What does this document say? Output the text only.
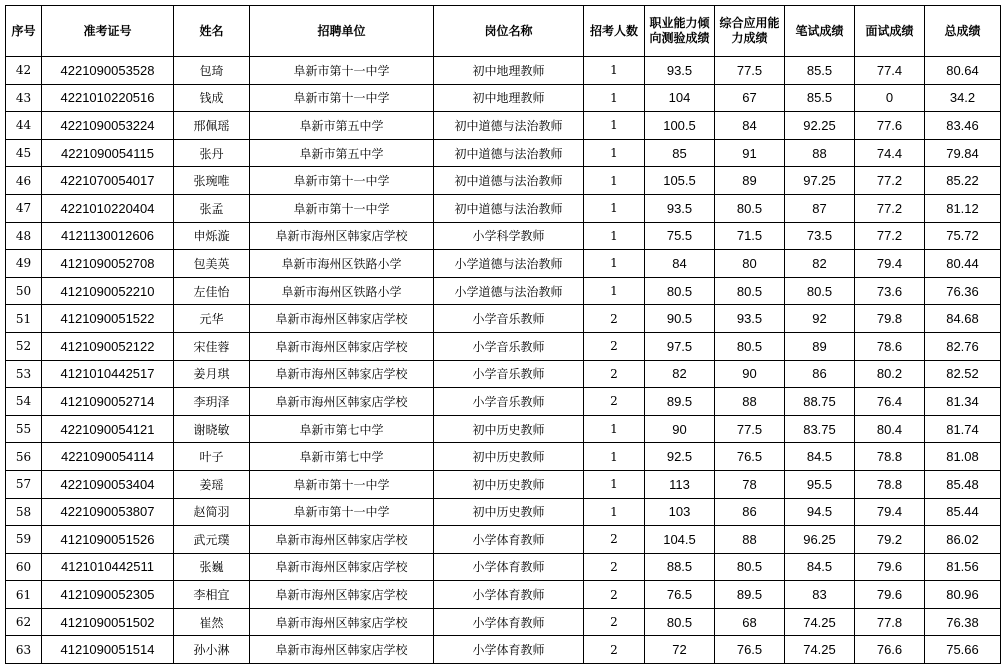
序号	准考证号	姓名	招聘单位	岗位名称	招考人数	职业能力倾向测验成绩	综合应用能力成绩	笔试成绩	面试成绩	总成绩
42	4221090053528	包琦	阜新市第十一中学	初中地理教师	1	93.5	77.5	85.5	77.4	80.64
43	4221010220516	钱成	阜新市第十一中学	初中地理教师	1	104	67	85.5	0	34.2
44	4221090053224	邢佩瑶	阜新市第五中学	初中道德与法治教师	1	100.5	84	92.25	77.6	83.46
45	4221090054115	张丹	阜新市第五中学	初中道德与法治教师	1	85	91	88	74.4	79.84
46	4221070054017	张琬唯	阜新市第十一中学	初中道德与法治教师	1	105.5	89	97.25	77.2	85.22
47	4221010220404	张孟	阜新市第十一中学	初中道德与法治教师	1	93.5	80.5	87	77.2	81.12
48	4121130012606	申烁漩	阜新市海州区韩家店学校	小学科学教师	1	75.5	71.5	73.5	77.2	75.72
49	4121090052708	包美英	阜新市海州区铁路小学	小学道德与法治教师	1	84	80	82	79.4	80.44
50	4121090052210	左佳怡	阜新市海州区铁路小学	小学道德与法治教师	1	80.5	80.5	80.5	73.6	76.36
51	4121090051522	元华	阜新市海州区韩家店学校	小学音乐教师	2	90.5	93.5	92	79.8	84.68
52	4121090052122	宋佳蓉	阜新市海州区韩家店学校	小学音乐教师	2	97.5	80.5	89	78.6	82.76
53	4121010442517	姜月琪	阜新市海州区韩家店学校	小学音乐教师	2	82	90	86	80.2	82.52
54	4121090052714	李玥泽	阜新市海州区韩家店学校	小学音乐教师	2	89.5	88	88.75	76.4	81.34
55	4221090054121	谢晓敏	阜新市第七中学	初中历史教师	1	90	77.5	83.75	80.4	81.74
56	4221090054114	叶子	阜新市第七中学	初中历史教师	1	92.5	76.5	84.5	78.8	81.08
57	4221090053404	姜瑶	阜新市第十一中学	初中历史教师	1	113	78	95.5	78.8	85.48
58	4221090053807	赵简羽	阜新市第十一中学	初中历史教师	1	103	86	94.5	79.4	85.44
59	4121090051526	武元璞	阜新市海州区韩家店学校	小学体育教师	2	104.5	88	96.25	79.2	86.02
60	4121010442511	张巍	阜新市海州区韩家店学校	小学体育教师	2	88.5	80.5	84.5	79.6	81.56
61	4121090052305	李相宜	阜新市海州区韩家店学校	小学体育教师	2	76.5	89.5	83	79.6	80.96
62	4121090051502	崔然	阜新市海州区韩家店学校	小学体育教师	2	80.5	68	74.25	77.8	76.38
63	4121090051514	孙小淋	阜新市海州区韩家店学校	小学体育教师	2	72	76.5	74.25	76.6	75.66
